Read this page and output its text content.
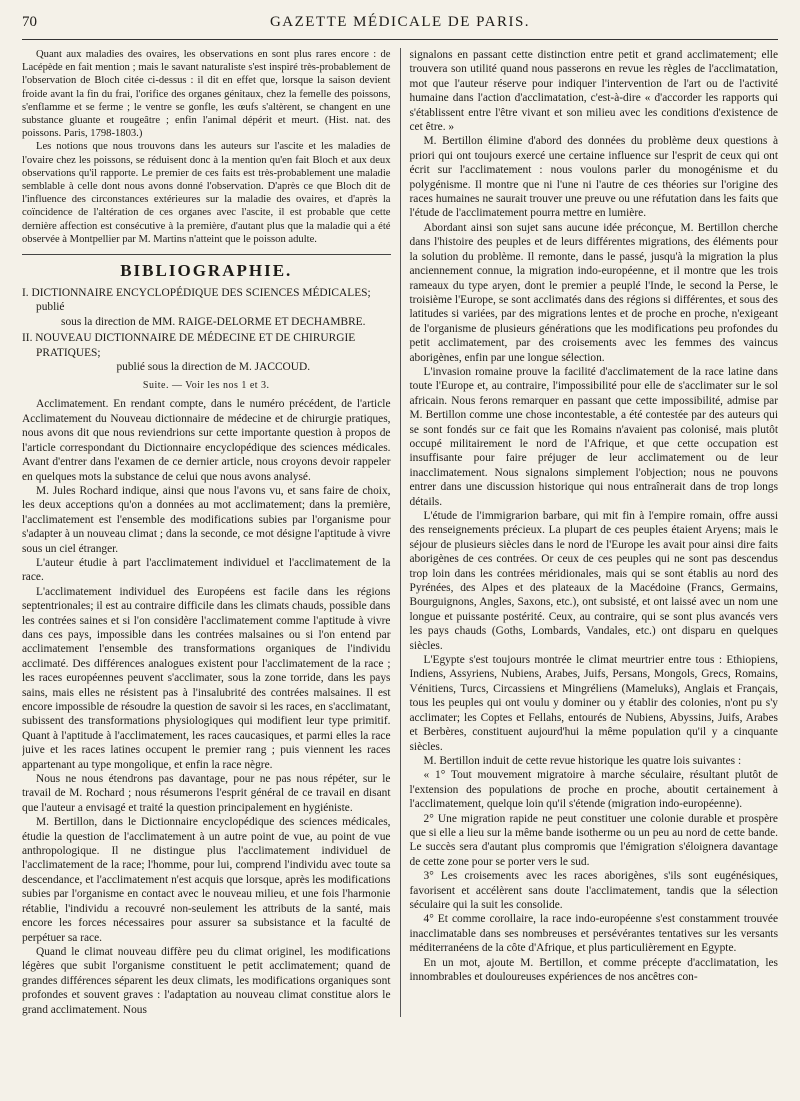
70	GAZETTE MÉDICALE DE PARIS.

Quant aux maladies des ovaires, les observations en sont plus rares encore : de Lacépède en fait mention ; mais le savant naturaliste s'est inspiré très-probablement de l'observation de Bloch citée ci-dessus : il dit en effet que, lorsque la saison devient froide avant la fin du frai, l'orifice des organes génitaux, chez la femelle des poissons, s'enflamme et se ferme ; le ventre se gonfle, les œufs s'altèrent, se changent en une substance gluante et rougeâtre ; enfin l'animal dépérit et meurt. (Hist. nat. des poissons. Paris, 1798-1803.)

Les notions que nous trouvons dans les auteurs sur l'ascite et les maladies de l'ovaire chez les poissons, se réduisent donc à la mention qu'en fait Bloch et aux deux observations qu'il rapporte. Le premier de ces faits est très-probablement une maladie semblable à celle dont nous avons donné l'observation. D'après ce que Bloch dit de l'influence des circonstances extérieures sur la maladie des ovaires, et d'après la coïncidence de l'altération de ces organes avec l'ascite, il est probable que cette dernière affection est consécutive à la première, d'autant plus que la maladie qui a été observée à Montpellier par M. Martins n'atteint que le poisson adulte.

BIBLIOGRAPHIE.
I. DICTIONNAIRE ENCYCLOPÉDIQUE DES SCIENCES MÉDICALES; publié
sous la direction de MM. RAIGE-DELORME ET DECHAMBRE.
II. NOUVEAU DICTIONNAIRE DE MÉDECINE ET DE CHIRURGIE PRATIQUES;
publié sous la direction de M. JACCOUD.
Suite. — Voir les nos 1 et 3.

Acclimatement. En rendant compte, dans le numéro précédent, de l'article Acclimatement du Nouveau dictionnaire de médecine et de chirurgie pratiques, nous avons dit que nous reviendrions sur cette importante question à propos de l'article correspondant du Dictionnaire encyclopédique des sciences médicales. Avant d'entrer dans l'examen de ce dernier article, nous croyons devoir rappeler en quelques mots la substance de celui que nous avons analysé.

M. Jules Rochard indique, ainsi que nous l'avons vu, et sans faire de choix, les deux acceptions qu'on a données au mot acclimatement; dans la première, l'acclimatement est l'ensemble des modifications subies par l'organisme pour s'adapter à un nouveau climat ; dans la seconde, ce mot désigne l'aptitude à vivre sous un ciel étranger.

L'auteur étudie à part l'acclimatement individuel et l'acclimatement de la race.

L'acclimatement individuel des Européens est facile dans les régions septentrionales; il est au contraire difficile dans les climats chauds, possible dans les contrées saines et si l'on considère l'acclimatement comme l'aptitude à vivre dans ces pays, impossible dans les contrées malsaines ou si l'on entend par acclimatement l'ensemble des transformations organiques de l'individu acclimaté. Des différences analogues existent pour l'acclimatement de la race ; les races européennes peuvent s'acclimater, sous la zone torride, dans les pays sains, mais elles ne résistent pas à l'insalubrité des contrées malsaines. Il est encore impossible de résoudre la question de savoir si les races, en s'acclimatant, subissent des transformations physiologiques qui modifient leur type primitif. Quant à l'aptitude à l'acclimatement, les races caucasiques, et parmi elles la race juive et les races latines occupent le premier rang ; puis viennent les races appartenant au type mongolique, et enfin la race nègre.

Nous ne nous étendrons pas davantage, pour ne pas nous répéter, sur le travail de M. Rochard ; nous résumerons l'esprit général de ce travail en disant que l'auteur a envisagé et traité la question principalement en hygiéniste.

M. Bertillon, dans le Dictionnaire encyclopédique des sciences médicales, étudie la question de l'acclimatement à un autre point de vue, au point de vue anthropologique. Il ne distingue plus l'acclimatement individuel de l'acclimatement de la race; l'homme, pour lui, comprend l'individu avec toute sa descendance, et l'acclimatement n'est acquis que lorsque, après les modifications subies par l'organisme en contact avec le nouveau milieu, et une fois l'harmonie rétablie, l'individu a recouvré non-seulement les attributs de la santé, mais encore les forces nécessaires pour assurer sa subsistance et la faculté de perpétuer sa race.

Quand le climat nouveau diffère peu du climat originel, les modifications légères que subit l'organisme constituent le petit acclimatement; quand de grandes différences séparent les deux climats, les modifications organiques sont profondes et souvent graves : l'adaptation au nouveau climat constitue alors le grand acclimatement. Nous

signalons en passant cette distinction entre petit et grand acclimatement; elle trouvera son utilité quand nous passerons en revue les règles de l'acclimatation, mot que l'auteur réserve pour indiquer l'intervention de l'art ou de l'activité humaine dans l'action d'acclimatation, c'est-à-dire « d'accorder les rapports qui s'établissent entre l'être vivant et son milieu avec les conditions d'existence de cet être. »

M. Bertillon élimine d'abord des données du problème deux questions à priori qui ont toujours exercé une certaine influence sur l'esprit de ceux qui ont écrit sur l'acclimatement : nous voulons parler du monogénisme et du polygénisme. Il montre que ni l'une ni l'autre de ces théories sur l'origine des races humaines ne saurait trouver une preuve ou une réfutation dans les faits que l'étude de l'acclimatement pourra mettre en lumière.

Abordant ainsi son sujet sans aucune idée préconçue, M. Bertillon cherche dans l'histoire des peuples et de leurs différentes migrations, des éléments pour la solution du problème. Il remonte, dans le passé, jusqu'à la migration la plus anciennement connue, la migration indo-européenne, et il montre que les trois rameaux du type aryen, dont le premier a peuplé l'Inde, le second la Perse, le troisième l'Europe, se sont acclimatés dans des régions si différentes, et sous des latitudes si variées, par des migrations lentes et de proche en proche, n'exigeant de l'organisme de plusieurs générations que les modifications peu profondes du petit acclimatement, par des croisements avec les femmes des vaincus aborigènes, enfin par une longue sélection.

L'invasion romaine prouve la facilité d'acclimatement de la race latine dans toute l'Europe et, au contraire, l'impossibilité pour elle de s'acclimater sur le sol africain. Nous ferons remarquer en passant que cette impossibilité, admise par M. Bertillon comme une chose incontestable, a été contestée par des auteurs qui se sont fondés sur ce fait que les Romains n'avaient pas colonisé, mais plutôt occupé militairement le nord de l'Afrique, et que cette occupation est insuffisante pour faire préjuger de leur acclimatement ou de leur inacclimatement. Nous signalons simplement l'objection; nous ne pouvons entrer dans une discussion historique qui nous entraînerait dans de trop longs détails.

L'étude de l'immigrarion barbare, qui mit fin à l'empire romain, offre aussi des renseignements précieux. La plupart de ces peuples étaient Aryens; mais le séjour de plusieurs siècles dans le nord de l'Europe les avait pour ainsi dire faits aborigènes de ces contrées. Or ceux de ces peuples qui ne sont pas descendus trop loin dans les contrées méridionales, mais qui se sont établis au nord des Pyrénées, des Alpes et des plateaux de la Macédoine (Francs, Germains, Bourguignons, Angles, Saxons, etc.), ont subsisté, et ont laissé avec un nom une longue et puissante postérité. Ceux, au contraire, qui se sont plus avancés vers les pays chauds (Goths, Lombards, Vandales, etc.) ont disparu en quelques siècles.

L'Egypte s'est toujours montrée le climat meurtrier entre tous : Ethiopiens, Indiens, Assyriens, Nubiens, Arabes, Juifs, Persans, Mongols, Grecs, Romains, Vénitiens, Turcs, Circassiens et Mingréliens (Mameluks), Anglais et Français, tous les peuples qui ont voulu y dominer ou y établir des colonies, n'ont pu s'y acclimater; les Coptes et Fellahs, entourés de Nubiens, Abyssins, Juifs, Arabes et Berbères, constituent aujourd'hui la même population qu'il y a cinquante siècles.

M. Bertillon induit de cette revue historique les quatre lois suivantes :

« 1° Tout mouvement migratoire à marche séculaire, résultant plutôt de l'extension des populations de proche en proche, aboutit certainement à l'acclimatement, quelque loin qu'il s'étende (migration indo-européenne).

2° Une migration rapide ne peut constituer une colonie durable et prospère que si elle a lieu sur la même bande isotherme ou un peu au nord de cette bande. Le succès sera d'autant plus compromis que l'émigration s'éloignera davantage de cette zone pour se porter vers le sud.

3° Les croisements avec les races aborigènes, s'ils sont eugénésiques, favorisent et accélèrent sans doute l'acclimatement, tandis que la sélection séculaire qui la suit les consolide.

4° Et comme corollaire, la race indo-européenne s'est constamment trouvée inacclimatable dans ses nombreuses et persévérantes tentatives sur les versants méditerranéens de la côte d'Afrique, et plus particulièrement en Egypte.

En un mot, ajoute M. Bertillon, et comme précepte d'acclimatation, les innombrables et douloureuses expériences de nos ancêtres con-
